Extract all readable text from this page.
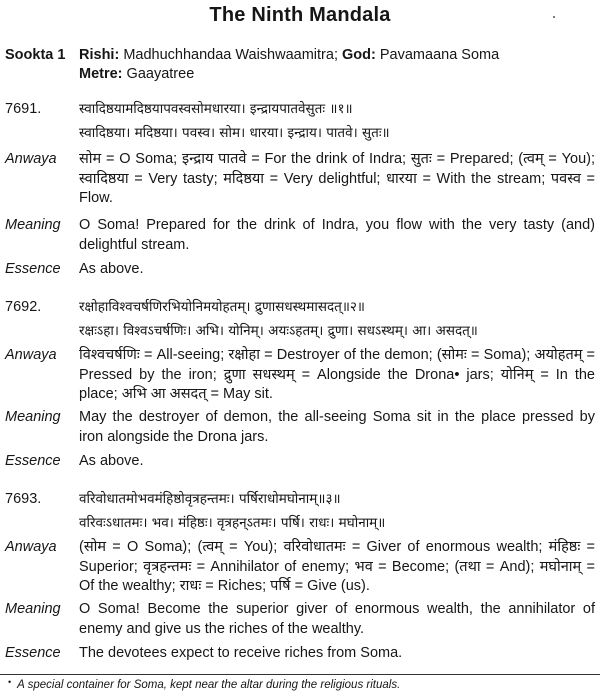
The Ninth Mandala
Sookta 1 Rishi: Madhuchhandaa Waishwaamitra; God: Pavamaana Soma
Metre: Gaayatree
7691.	स्वादिष्ठयामदिष्ठयापवस्वसोमधारया। इन्द्रायपातवेसुतः ॥१॥
स्वादिष्ठया। मदिष्ठया। पवस्व। सोम। धारया। इन्द्राय। पातवे। सुतः॥
Anwaya	सोम = O Soma; इन्द्राय पातवे = For the drink of Indra; सुतः = Prepared; (त्वम् = You); स्वादिष्ठया = Very tasty; मदिष्ठया = Very delightful; धारया = With the stream; पवस्व = Flow.
Meaning	O Soma! Prepared for the drink of Indra, you flow with the very tasty (and) delightful stream.
Essence	As above.
7692.	रक्षोहाविश्वचर्षणिरभियोनिमयोहतम्। द्रुणासधस्थमासदत्॥२॥
रक्षःऽहा। विश्वऽचर्षणिः। अभि। योनिम्। अयःऽहतम्। द्रुणा। सधऽस्थम्। आ। असदत्॥
Anwaya	विश्वचर्षणिः = All-seeing; रक्षोहा = Destroyer of the demon; (सोमः = Soma); अयोहतम् = Pressed by the iron; द्रुणा सधस्थम् = Alongside the Drona• jars; योनिम् = In the place; अभि आ असदत् = May sit.
Meaning	May the destroyer of demon, the all-seeing Soma sit in the place pressed by iron alongside the Drona jars.
Essence	As above.
7693.	वरिवोधातमोभवमंहिष्ठोवृत्रहन्तमः। पर्षिराधोमघोनाम्॥३॥
वरिवःऽधातमः। भव। मंहिष्ठः। वृत्रहन्ऽतमः। पर्षि। राधः। मघोनाम्॥
Anwaya	(सोम = O Soma); (त्वम् = You); वरिवोधातमः = Giver of enormous wealth; मंहिष्ठः = Superior; वृत्रहन्तमः = Annihilator of enemy; भव = Become; (तथा = And); मघोनाम् = Of the wealthy; राधः = Riches; पर्षि = Give (us).
Meaning	O Soma! Become the superior giver of enormous wealth, the annihilator of enemy and give us the riches of the wealthy.
Essence	The devotees expect to receive riches from Soma.
• A special container for Soma, kept near the altar during the religious rituals.
